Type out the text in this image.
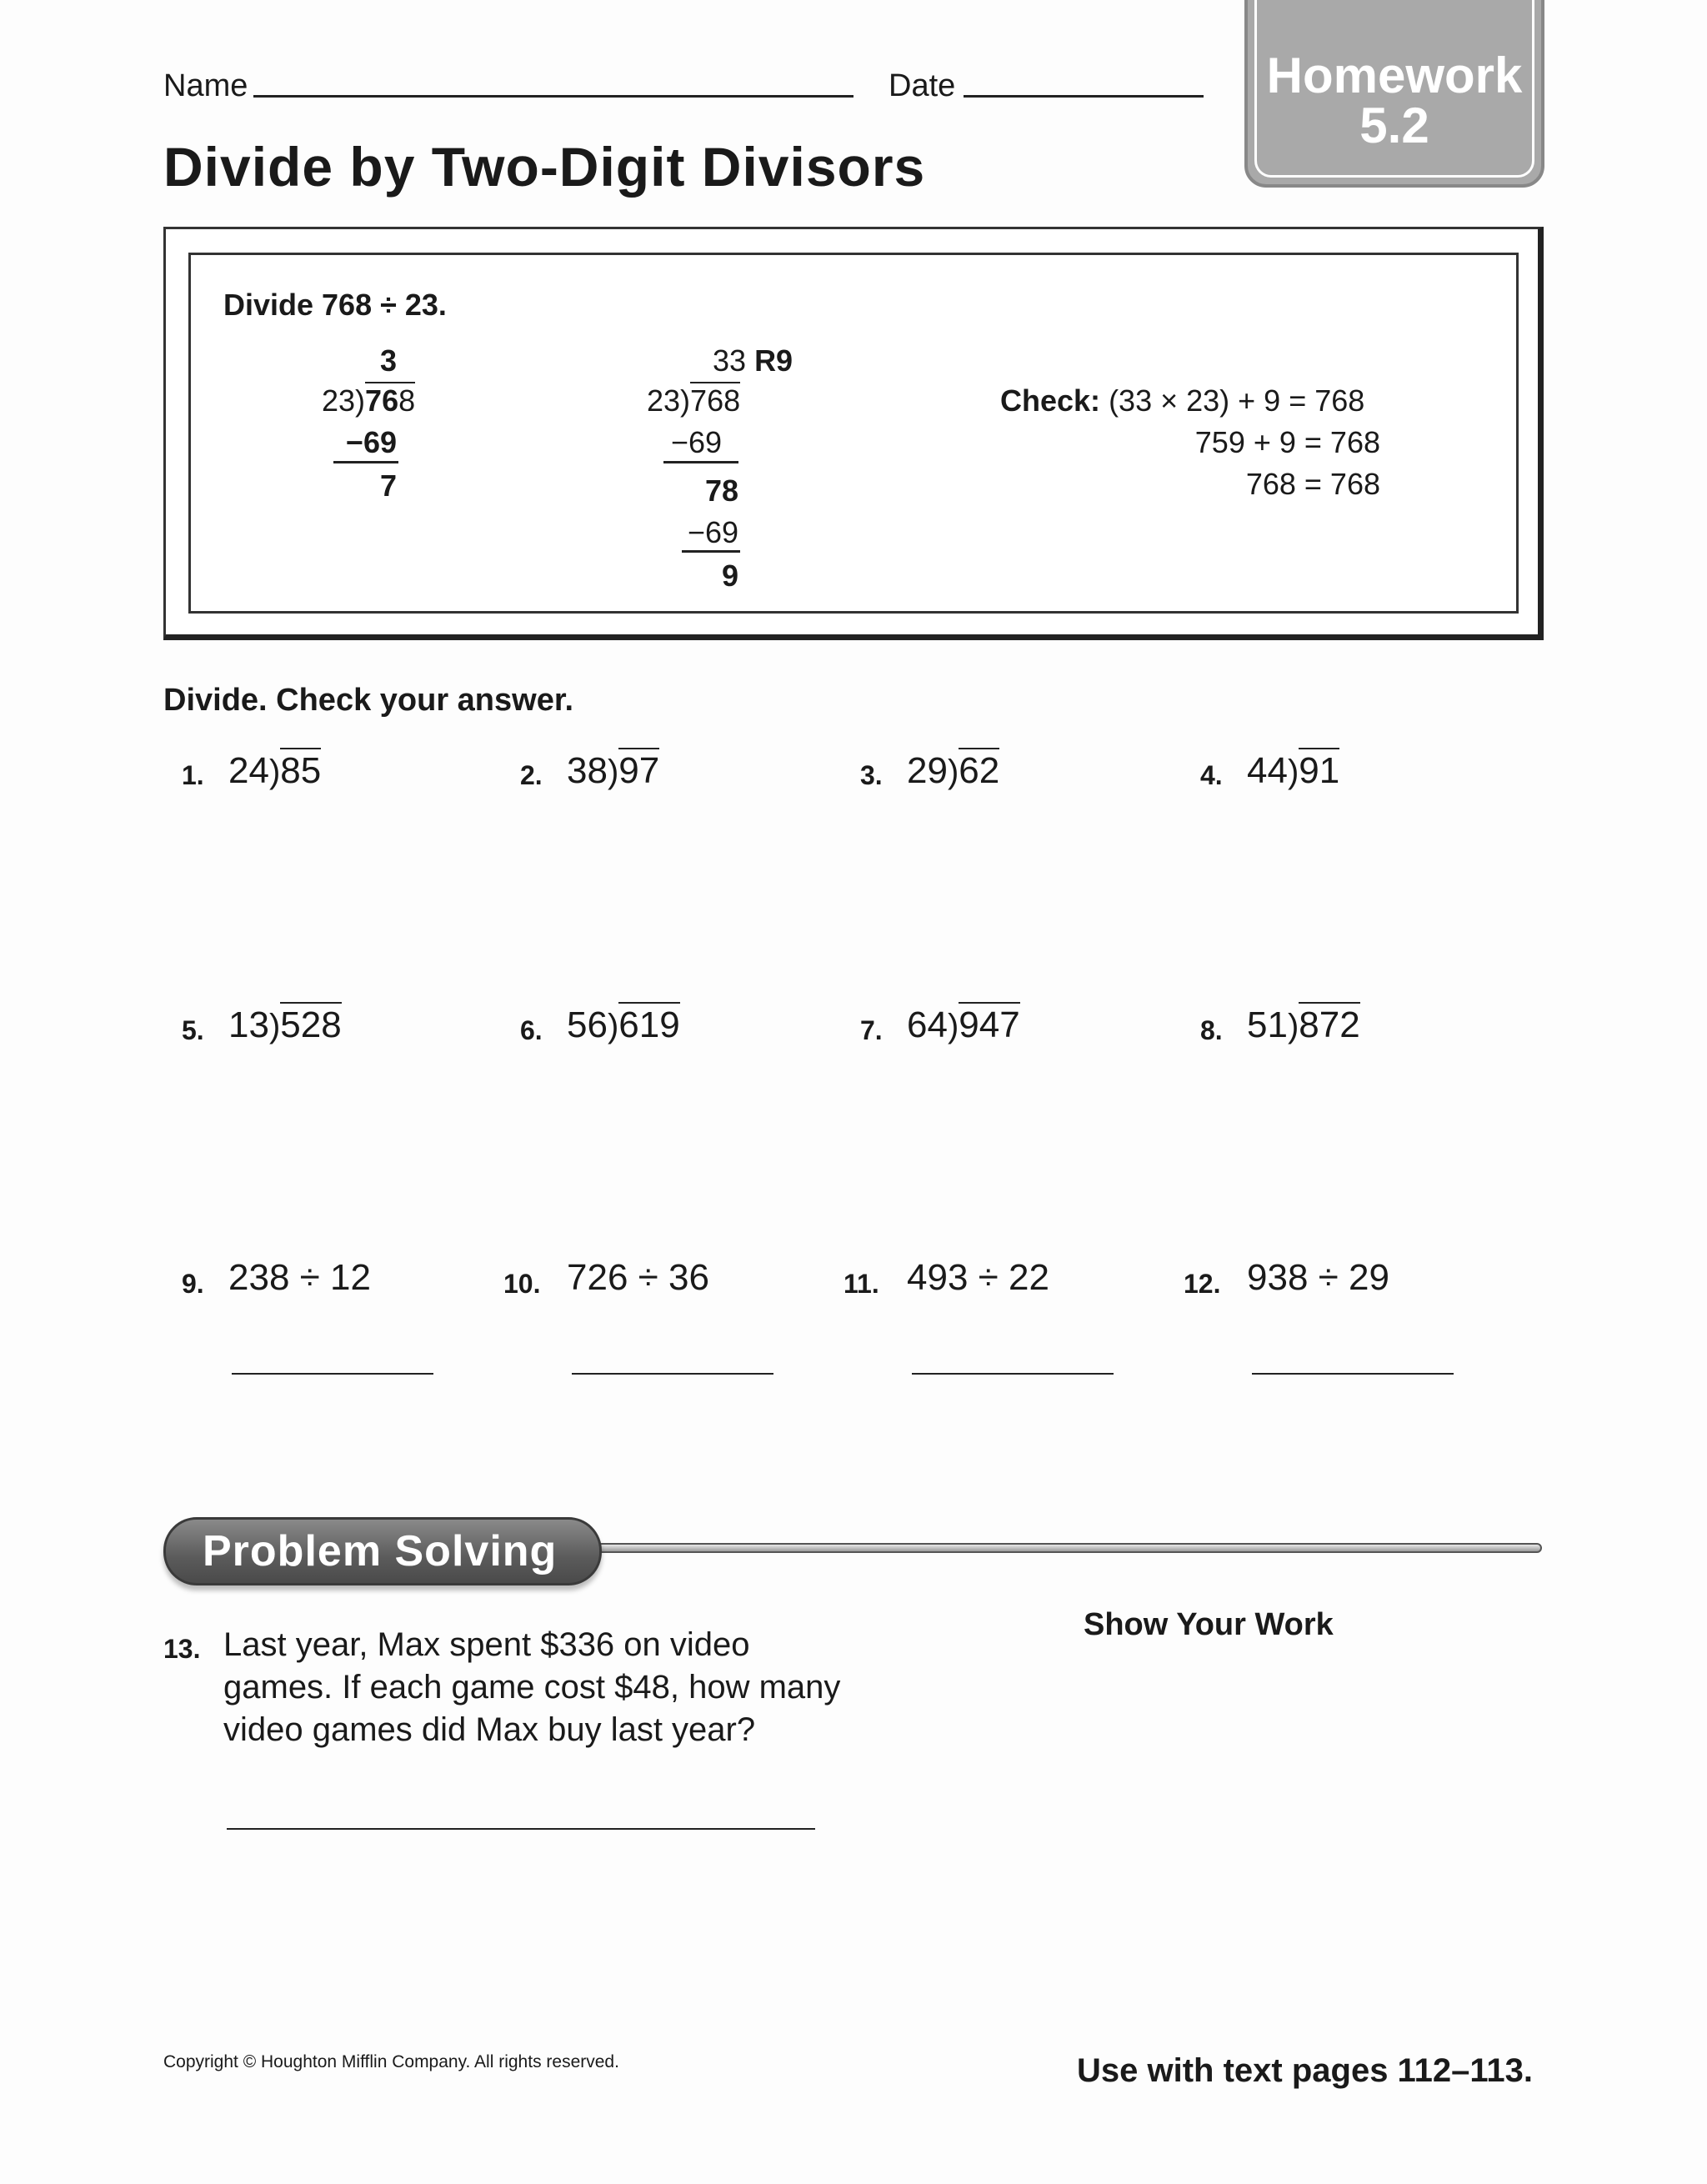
Name	Date	Homework
5.2
Divide by Two-Digit Divisors
Divide 768 ÷ 23.
3
23)768
−69
7
33 R9
23)768
−69
78
−69
9
Check: (33 × 23) + 9 = 768
759 + 9 = 768
768 = 768
Divide. Check your answer.
1. 24)85	2. 38)97	3. 29)62	4. 44)91
5. 13)528	6. 56)619	7. 64)947	8. 51)872
9. 238 ÷ 12	10. 726 ÷ 36	11. 493 ÷ 22	12. 938 ÷ 29
Problem Solving
13. Last year, Max spent $336 on video
games. If each game cost $48, how many
video games did Max buy last year?
Show Your Work
Copyright © Houghton Mifflin Company. All rights reserved.	Use with text pages 112–113.
